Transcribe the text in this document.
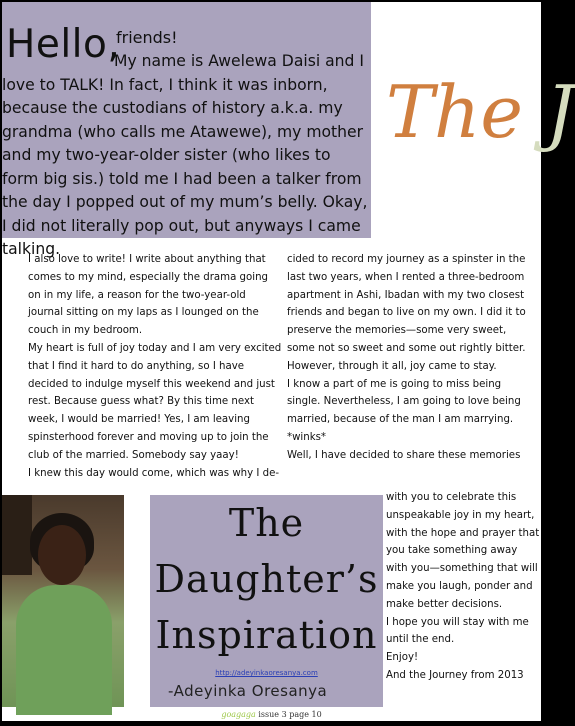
Hello,
friends!
My name is Awelewa Daisi and I love to TALK! In fact, I think it was inborn, because the custodians of history a.k.a. my grandma (who calls me Atawewe), my mother and my two-year-older sister (who likes to form big sis.) told me I had been a talker from the day I popped out of my mum’s belly. Okay, I did not literally pop out, but anyways I came talking.
The J

I also love to write! I write about anything that comes to my mind, especially the drama going on in my life, a reason for the two-year-old journal sitting on my laps as I lounged on the couch in my bedroom.

My heart is full of joy today and I am very excited that I find it hard to do anything, so I have decided to indulge myself this weekend and just rest. Because guess what? By this time next week, I would be married! Yes, I am leaving spinsterhood forever and moving up to join the club of the married. Somebody say yaay!

I knew this day would come, which was why I de-

cided to record my journey as a spinster in the last two years, when I rented a three-bedroom apartment in Ashi, Ibadan with my two closest friends and began to live on my own. I did it to preserve the memories—some very sweet, some not so sweet and some out rightly bitter. However, through it all, joy came to stay.

I know a part of me is going to miss being single. Nevertheless, I am going to love being married, because of the man I am marrying. *winks*

Well, I have decided to share these memories

The
Daughter’s
Inspiration
http://adeyinkaoresanya.com
-Adeyinka Oresanya

with you to celebrate this unspeakable joy in my heart, with the hope and prayer that you take something away with you—something that will make you laugh, ponder and make better decisions.

I hope you will stay with me until the end.

Enjoy!

And the Journey from 2013

goagaga issue 3 page 10
